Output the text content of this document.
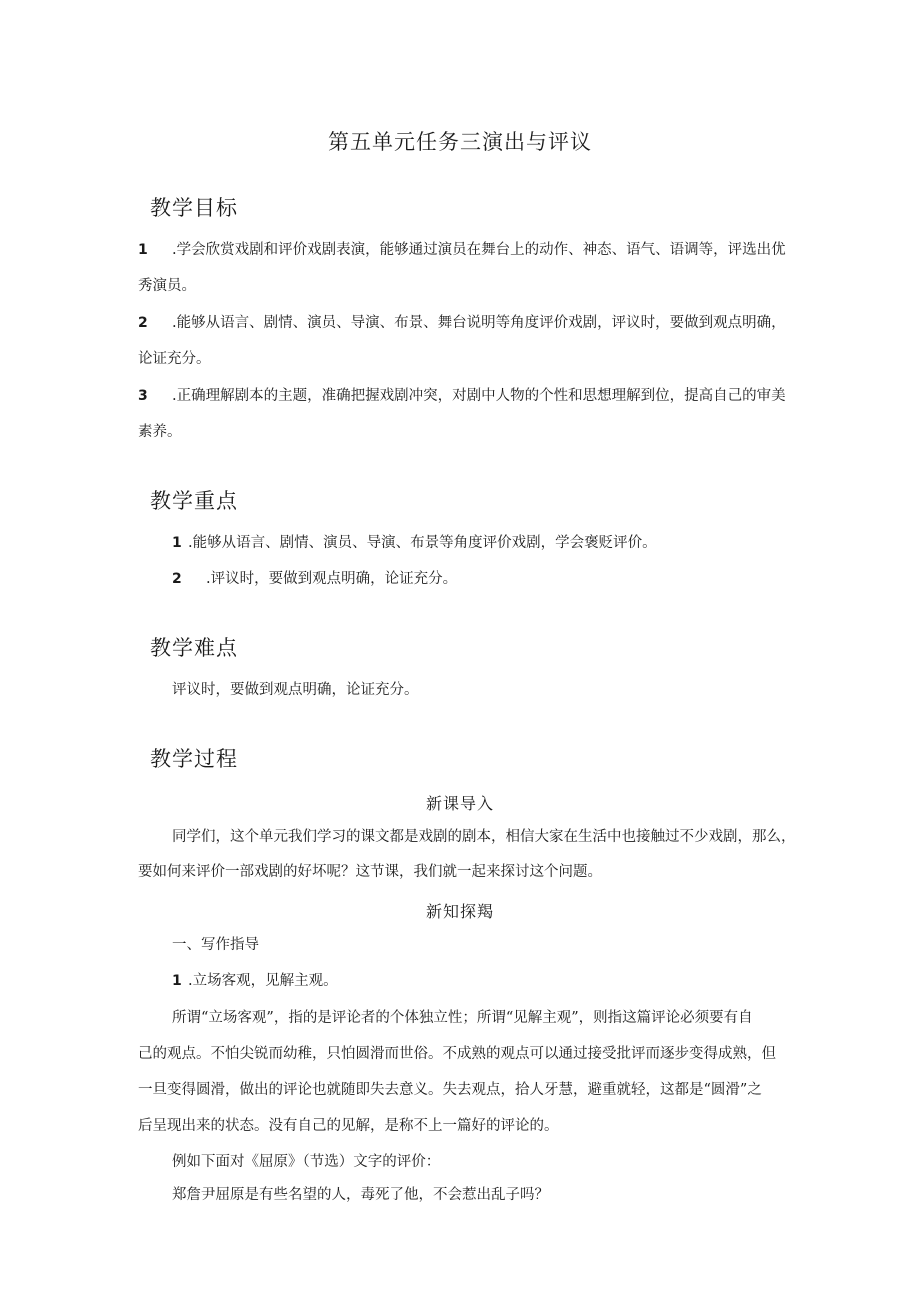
第五单元任务三演出与评议
教学目标
1 .学会欣赏戏剧和评价戏剧表演，能够通过演员在舞台上的动作、神态、语气、语调等，评选出优
秀演员。
2 .能够从语言、剧情、演员、导演、布景、舞台说明等角度评价戏剧，评议时，要做到观点明确，
论证充分。
3 .正确理解剧本的主题，准确把握戏剧冲突，对剧中人物的个性和思想理解到位，提高自己的审美
素养。
教学重点
1 .能够从语言、剧情、演员、导演、布景等角度评价戏剧，学会褒贬评价。
2 .评议时，要做到观点明确，论证充分。
教学难点
评议时，要做到观点明确，论证充分。
教学过程
新课导入
同学们，这个单元我们学习的课文都是戏剧的剧本，相信大家在生活中也接触过不少戏剧，那么，
要如何来评价一部戏剧的好坏呢？这节课，我们就一起来探讨这个问题。
新知探羯
一、写作指导
1 .立场客观，见解主观。
所谓“立场客观”，指的是评论者的个体独立性；所谓“见解主观”，则指这篇评论必须要有自
己的观点。不怕尖锐而幼稚，只怕圆滑而世俗。不成熟的观点可以通过接受批评而逐步变得成熟，但
一旦变得圆滑，做出的评论也就随即失去意义。失去观点，拾人牙慧，避重就轻，这都是“圆滑”之
后呈现出来的状态。没有自己的见解，是称不上一篇好的评论的。
例如下面对《屈原》（节选）文字的评价：
郑詹尹屈原是有些名望的人，毒死了他，不会惹出乱子吗？
